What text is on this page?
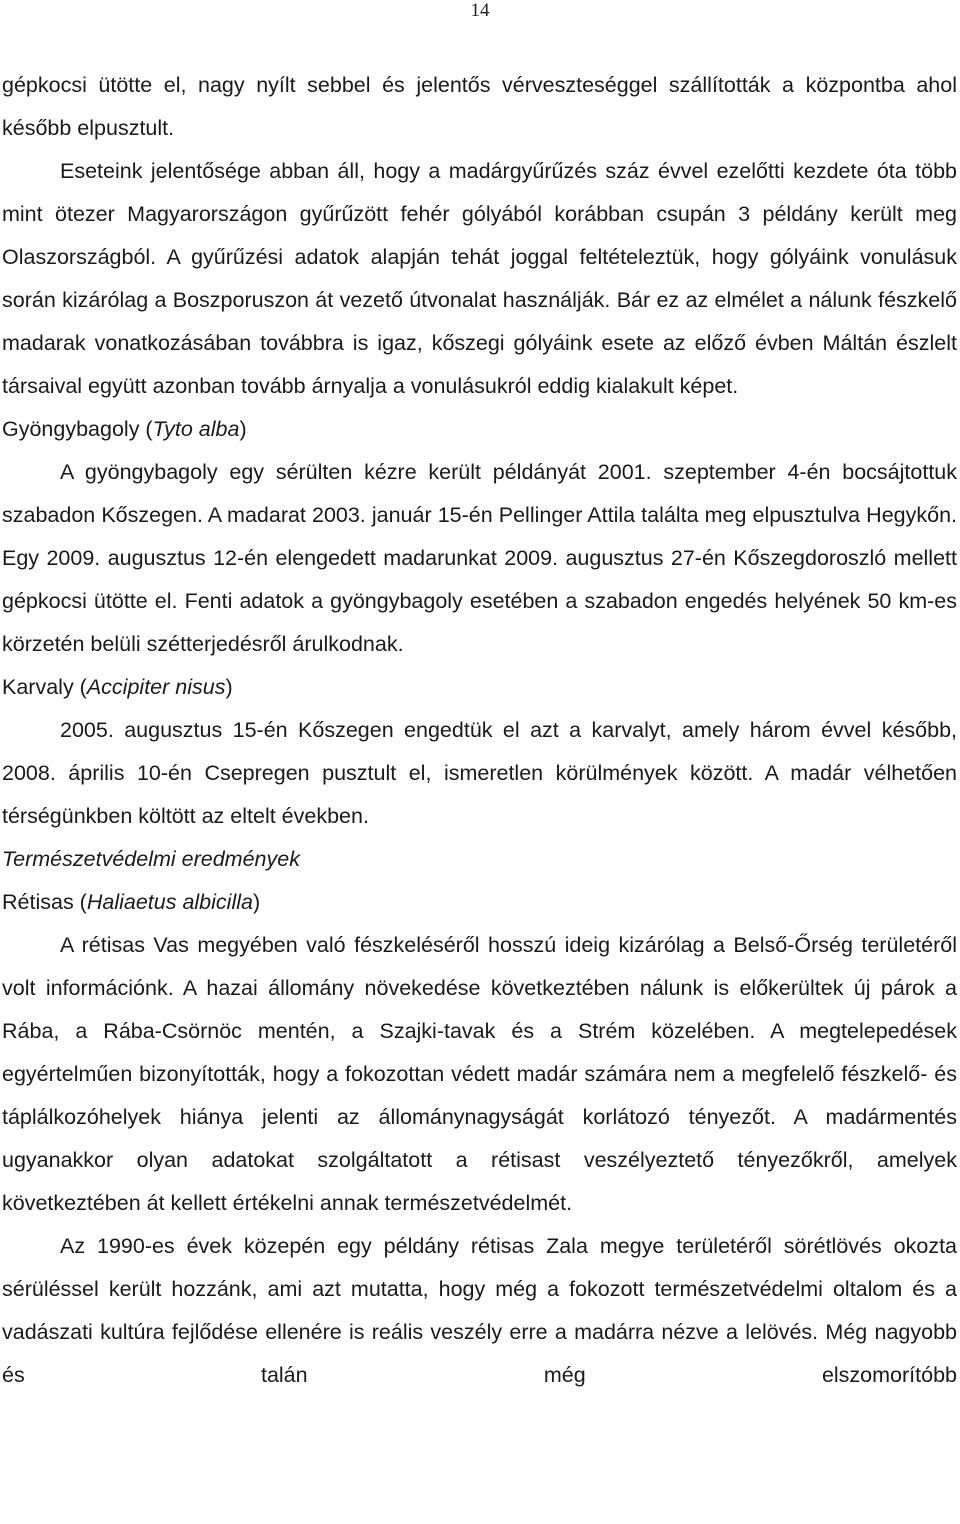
14

gépkocsi ütötte el, nagy nyílt sebbel és jelentős vérveszteséggel szállították a központba ahol később elpusztult.

Eseteink jelentősége abban áll, hogy a madárgyűrűzés száz évvel ezelőtti kezdete óta több mint ötezer Magyarországon gyűrűzött fehér gólyából korábban csupán 3 példány került meg Olaszországból. A gyűrűzési adatok alapján tehát joggal feltételeztük, hogy gólyáink vonulásuk során kizárólag a Boszporuszon át vezető útvonalat használják. Bár ez az elmélet a nálunk fészkelő madarak vonatkozásában továbbra is igaz, kőszegi gólyáink esete az előző évben Máltán észlelt társaival együtt azonban tovább árnyalja a vonulásukról eddig kialakult képet.

Gyöngybagoly (Tyto alba)

A gyöngybagoly egy sérülten kézre került példányát 2001. szeptember 4-én bocsájtottuk szabadon Kőszegen. A madarat 2003. január 15-én Pellinger Attila találta meg elpusztulva Hegykőn. Egy 2009. augusztus 12-én elengedett madarunkat 2009. augusztus 27-én Kőszegdoroszló mellett gépkocsi ütötte el. Fenti adatok a gyöngybagoly esetében a szabadon engedés helyének 50 km-es körzetén belüli szétterjedésről árulkodnak.

Karvaly (Accipiter nisus)

2005. augusztus 15-én Kőszegen engedtük el azt a karvalyt, amely három évvel később, 2008. április 10-én Csepregen pusztult el, ismeretlen körülmények között. A madár vélhetően térségünkben költött az eltelt években.

Természetvédelmi eredmények
Rétisas (Haliaetus albicilla)

A rétisas Vas megyében való fészkeléséről hosszú ideig kizárólag a Belső-Őrség területéről volt információnk. A hazai állomány növekedése következtében nálunk is előkerültek új párok a Rába, a Rába-Csörnöc mentén, a Szajki-tavak és a Strém közelében. A megtelepedések egyértelműen bizonyították, hogy a fokozottan védett madár számára nem a megfelelő fészkelő- és táplálkozóhelyek hiánya jelenti az állománynagyságát korlátozó tényezőt. A madármentés ugyanakkor olyan adatokat szolgáltatott a rétisast veszélyeztető tényezőkről, amelyek következtében át kellett értékelni annak természetvédelmét.

Az 1990-es évek közepén egy példány rétisas Zala megye területéről sörétlövés okozta sérüléssel került hozzánk, ami azt mutatta, hogy még a fokozott természetvédelmi oltalom és a vadászati kultúra fejlődése ellenére is reális veszély erre a madárra nézve a lelövés. Még nagyobb és talán még elszomorítóbb
